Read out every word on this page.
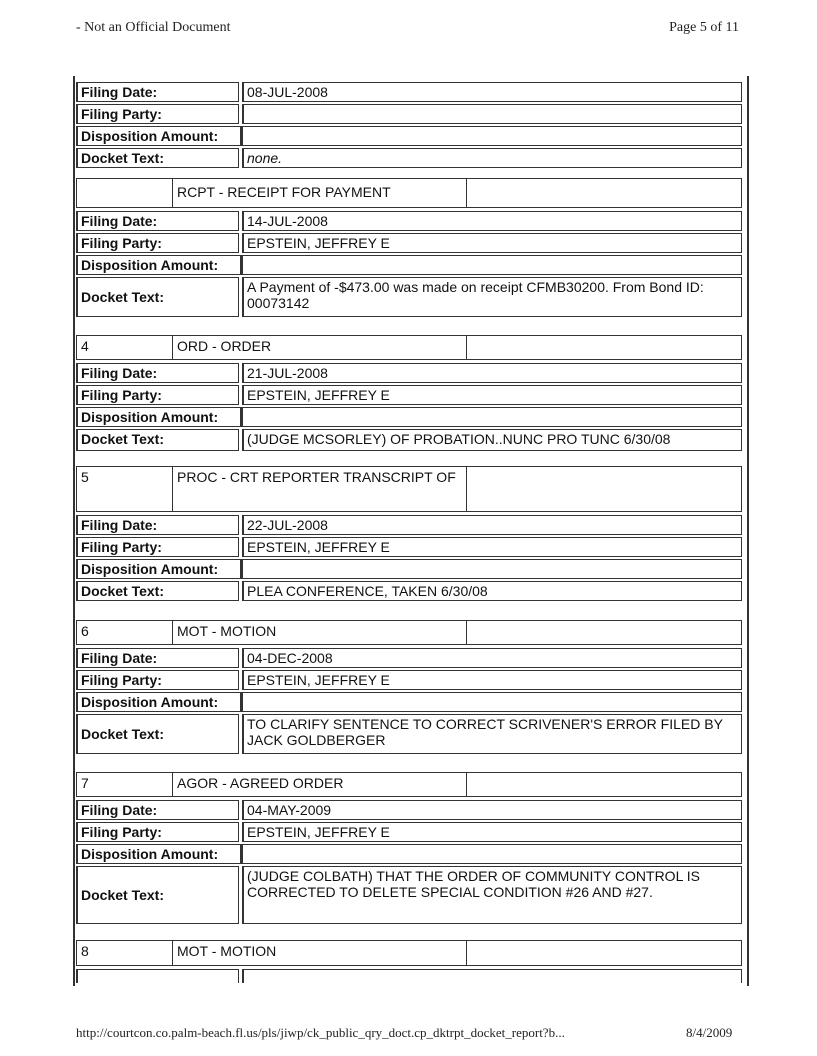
- Not an Official Document	Page 5 of 11
Filing Date:	08-JUL-2008
Filing Party:
Disposition Amount:
Docket Text:	none.
RCPT - RECEIPT FOR PAYMENT
Filing Date:	14-JUL-2008
Filing Party:	EPSTEIN, JEFFREY E
Disposition Amount:
Docket Text:
A Payment of -$473.00 was made on receipt CFMB30200. From Bond ID: 00073142
4	ORD - ORDER
Filing Date:	21-JUL-2008
Filing Party:	EPSTEIN, JEFFREY E
Disposition Amount:
Docket Text:	(JUDGE MCSORLEY) OF PROBATION..NUNC PRO TUNC 6/30/08
5	PROC - CRT REPORTER TRANSCRIPT OF
Filing Date:	22-JUL-2008
Filing Party:	EPSTEIN, JEFFREY E
Disposition Amount:
Docket Text:	PLEA CONFERENCE, TAKEN 6/30/08
6	MOT - MOTION
Filing Date:	04-DEC-2008
Filing Party:	EPSTEIN, JEFFREY E
Disposition Amount:
Docket Text:
TO CLARIFY SENTENCE TO CORRECT SCRIVENER'S ERROR FILED BY JACK GOLDBERGER
7	AGOR - AGREED ORDER
Filing Date:	04-MAY-2009
Filing Party:	EPSTEIN, JEFFREY E
Disposition Amount:
Docket Text:
(JUDGE COLBATH) THAT THE ORDER OF COMMUNITY CONTROL IS CORRECTED TO DELETE SPECIAL CONDITION #26 AND #27.
8	MOT - MOTION
http://courtcon.co.palm-beach.fl.us/pls/jiwp/ck_public_qry_doct.cp_dktrpt_docket_report?b...	8/4/2009
